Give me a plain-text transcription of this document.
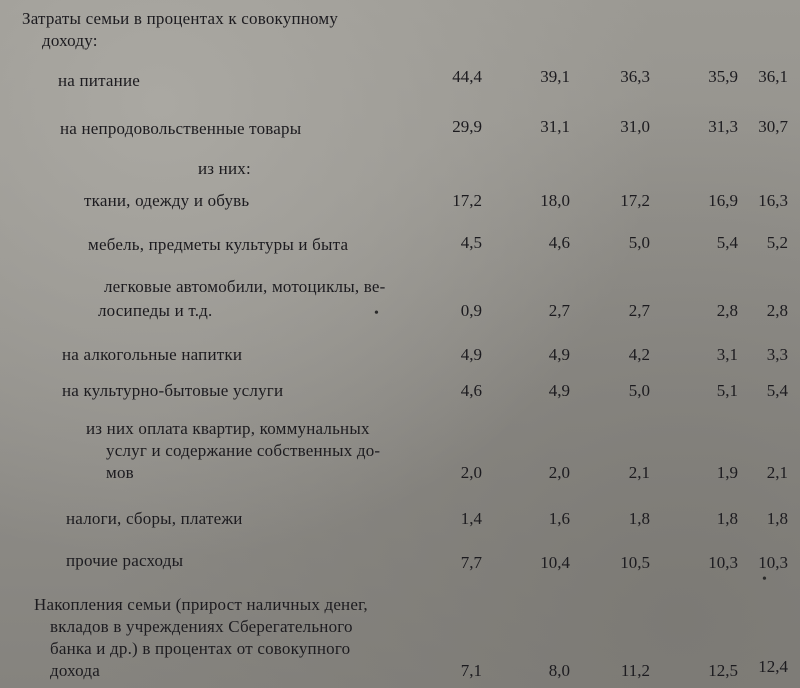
Затраты семьи в процентах к совокупному
доходу:
на питание	44,4	39,1	36,3	35,9	36,1
на непродовольственные товары	29,9	31,1	31,0	31,3	30,7
из них:
ткани, одежду и обувь	17,2	18,0	17,2	16,9	16,3
мебель, предметы культуры и быта	4,5	4,6	5,0	5,4	5,2
легковые автомобили, мотоциклы, ве-
лосипеды и т.д.	•	0,9	2,7	2,7	2,8	2,8
на алкогольные напитки	4,9	4,9	4,2	3,1	3,3
на культурно-бытовые услуги	4,6	4,9	5,0	5,1	5,4
из них оплата квартир, коммунальных
услуг и содержание собственных до-
мов	2,0	2,0	2,1	1,9	2,1
налоги, сборы, платежи	1,4	1,6	1,8	1,8	1,8
прочие расходы	7,7	10,4	10,5	10,3	10,3
•
Накопления семьи (прирост наличных денег,
вкладов в учреждениях Сберегательного
банка и др.) в процентах от совокупного
дохода	7,1	8,0	11,2	12,5	12,4
